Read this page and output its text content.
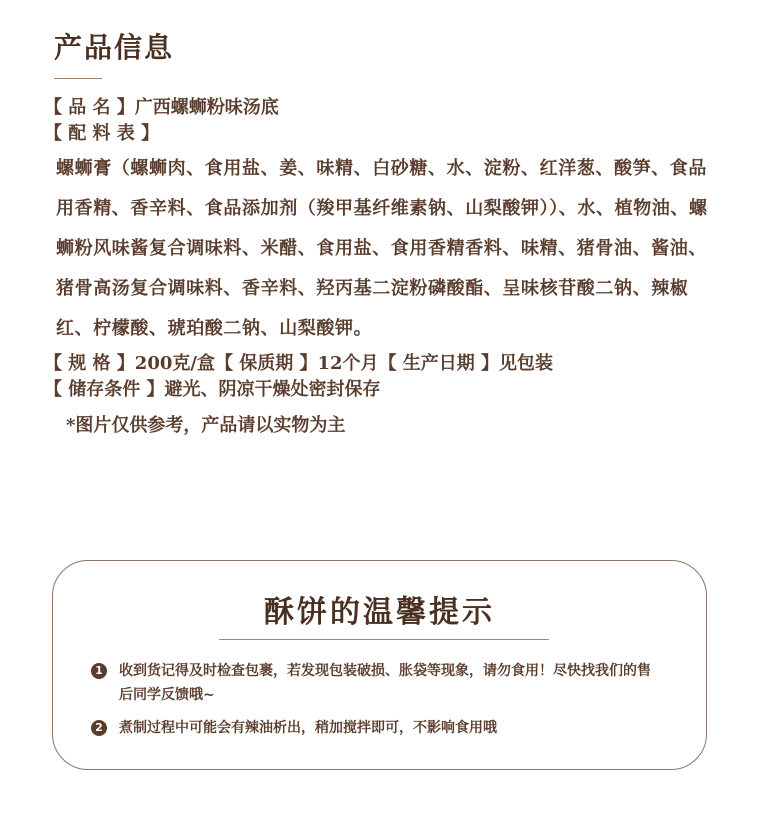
产品信息
【 品 名 】广西螺蛳粉味汤底
【 配 料 表 】
螺蛳膏（螺蛳肉、食用盐、姜、味精、白砂糖、水、淀粉、红洋葱、酸笋、食品用香精、香辛料、食品添加剂（羧甲基纤维素钠、山梨酸钾））、水、植物油、螺蛳粉风味酱复合调味料、米醋、食用盐、食用香精香料、味精、猪骨油、酱油、猪骨高汤复合调味料、香辛料、羟丙基二淀粉磷酸酯、呈味核苷酸二钠、辣椒红、柠檬酸、琥珀酸二钠、山梨酸钾。
【 规 格 】200克/盒【 保质期 】12个月【 生产日期 】见包装
【 储存条件 】避光、阴凉干燥处密封保存
*图片仅供参考，产品请以实物为主
酥饼的温馨提示
1	收到货记得及时检查包裹，若发现包装破损、胀袋等现象，请勿食用！尽快找我们的售后同学反馈哦~
2	煮制过程中可能会有辣油析出，稍加搅拌即可，不影响食用哦
